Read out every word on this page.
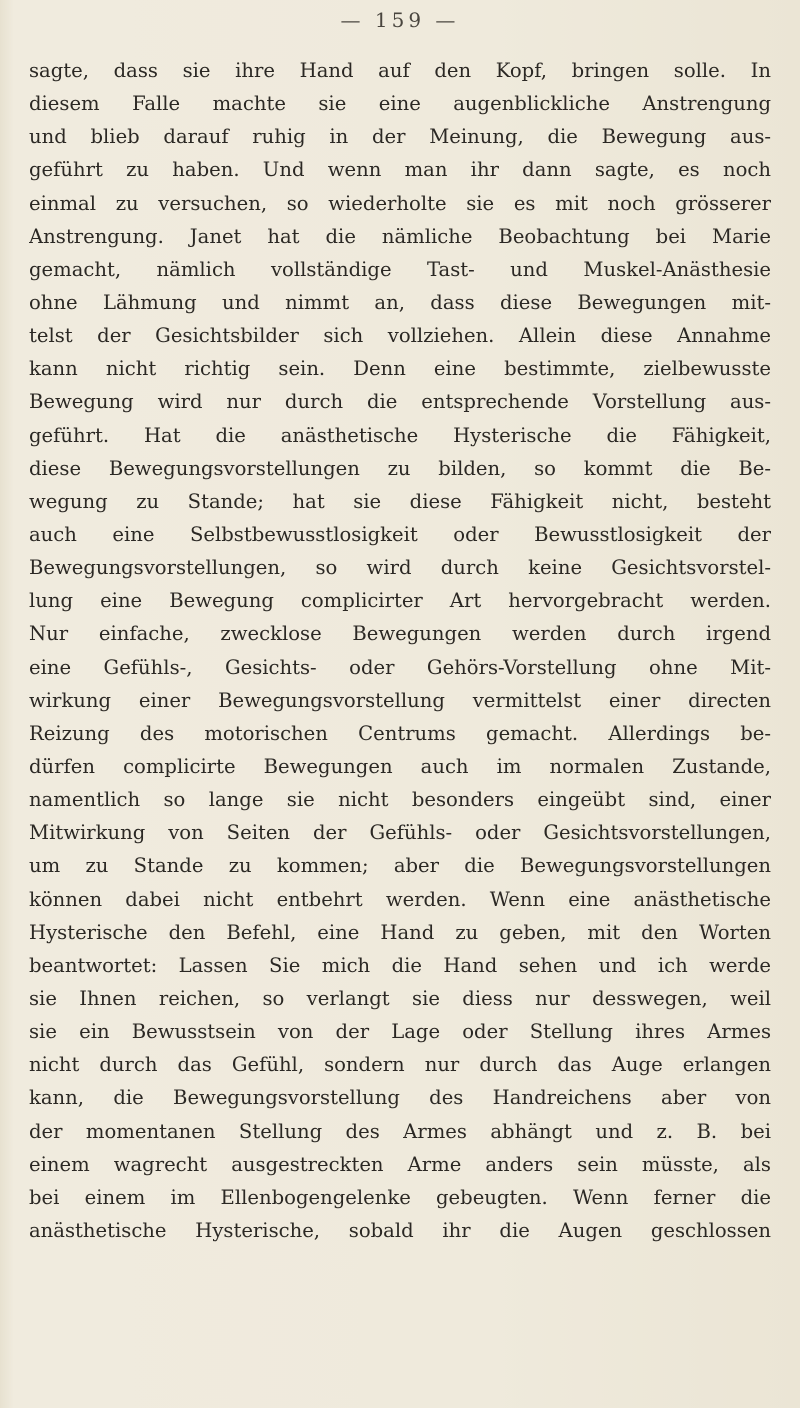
— 159 —
sagte, dass sie ihre Hand auf den Kopf, bringen solle. In
diesem Falle machte sie eine augenblickliche Anstrengung
und blieb darauf ruhig in der Meinung, die Bewegung aus-
geführt zu haben. Und wenn man ihr dann sagte, es noch
einmal zu versuchen, so wiederholte sie es mit noch grösserer
Anstrengung. Janet hat die nämliche Beobachtung bei Marie
gemacht, nämlich vollständige Tast- und Muskel-Anästhesie
ohne Lähmung und nimmt an, dass diese Bewegungen mit-
telst der Gesichtsbilder sich vollziehen. Allein diese Annahme
kann nicht richtig sein. Denn eine bestimmte, zielbewusste
Bewegung wird nur durch die entsprechende Vorstellung aus-
geführt. Hat die anästhetische Hysterische die Fähigkeit,
diese Bewegungsvorstellungen zu bilden, so kommt die Be-
wegung zu Stande; hat sie diese Fähigkeit nicht, besteht
auch eine Selbstbewusstlosigkeit oder Bewusstlosigkeit der
Bewegungsvorstellungen, so wird durch keine Gesichtsvorstel-
lung eine Bewegung complicirter Art hervorgebracht werden.
Nur einfache, zwecklose Bewegungen werden durch irgend
eine Gefühls-, Gesichts- oder Gehörs-Vorstellung ohne Mit-
wirkung einer Bewegungsvorstellung vermittelst einer directen
Reizung des motorischen Centrums gemacht. Allerdings be-
dürfen complicirte Bewegungen auch im normalen Zustande,
namentlich so lange sie nicht besonders eingeübt sind, einer
Mitwirkung von Seiten der Gefühls- oder Gesichtsvorstellungen,
um zu Stande zu kommen; aber die Bewegungsvorstellungen
können dabei nicht entbehrt werden. Wenn eine anästhetische
Hysterische den Befehl, eine Hand zu geben, mit den Worten
beantwortet: Lassen Sie mich die Hand sehen und ich werde
sie Ihnen reichen, so verlangt sie diess nur desswegen, weil
sie ein Bewusstsein von der Lage oder Stellung ihres Armes
nicht durch das Gefühl, sondern nur durch das Auge erlangen
kann, die Bewegungsvorstellung des Handreichens aber von
der momentanen Stellung des Armes abhängt und z. B. bei
einem wagrecht ausgestreckten Arme anders sein müsste, als
bei einem im Ellenbogengelenke gebeugten. Wenn ferner die
anästhetische Hysterische, sobald ihr die Augen geschlossen
